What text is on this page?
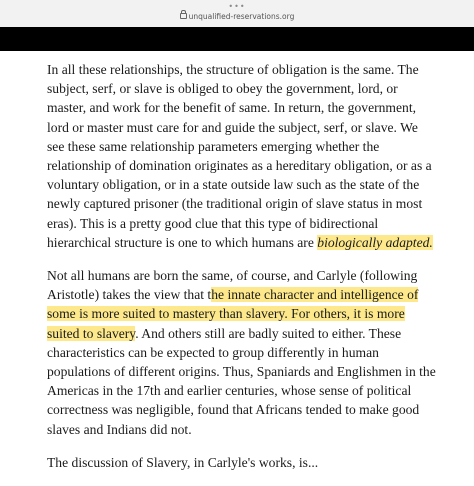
•••
unqualified-reservations.org

In all these relationships, the structure of obligation is the same. The subject, serf, or slave is obliged to obey the government, lord, or master, and work for the benefit of same. In return, the government, lord or master must care for and guide the subject, serf, or slave. We see these same relationship parameters emerging whether the relationship of domination originates as a hereditary obligation, or as a voluntary obligation, or in a state outside law such as the state of the newly captured prisoner (the traditional origin of slave status in most eras). This is a pretty good clue that this type of bidirectional hierarchical structure is one to which humans are biologically adapted.

Not all humans are born the same, of course, and Carlyle (following Aristotle) takes the view that the innate character and intelligence of some is more suited to mastery than slavery. For others, it is more suited to slavery. And others still are badly suited to either. These characteristics can be expected to group differently in human populations of different origins. Thus, Spaniards and Englishmen in the Americas in the 17th and earlier centuries, whose sense of political correctness was negligible, found that Africans tended to make good slaves and Indians did not.

The discussion of Slavery, in Carlyle's works, is...
